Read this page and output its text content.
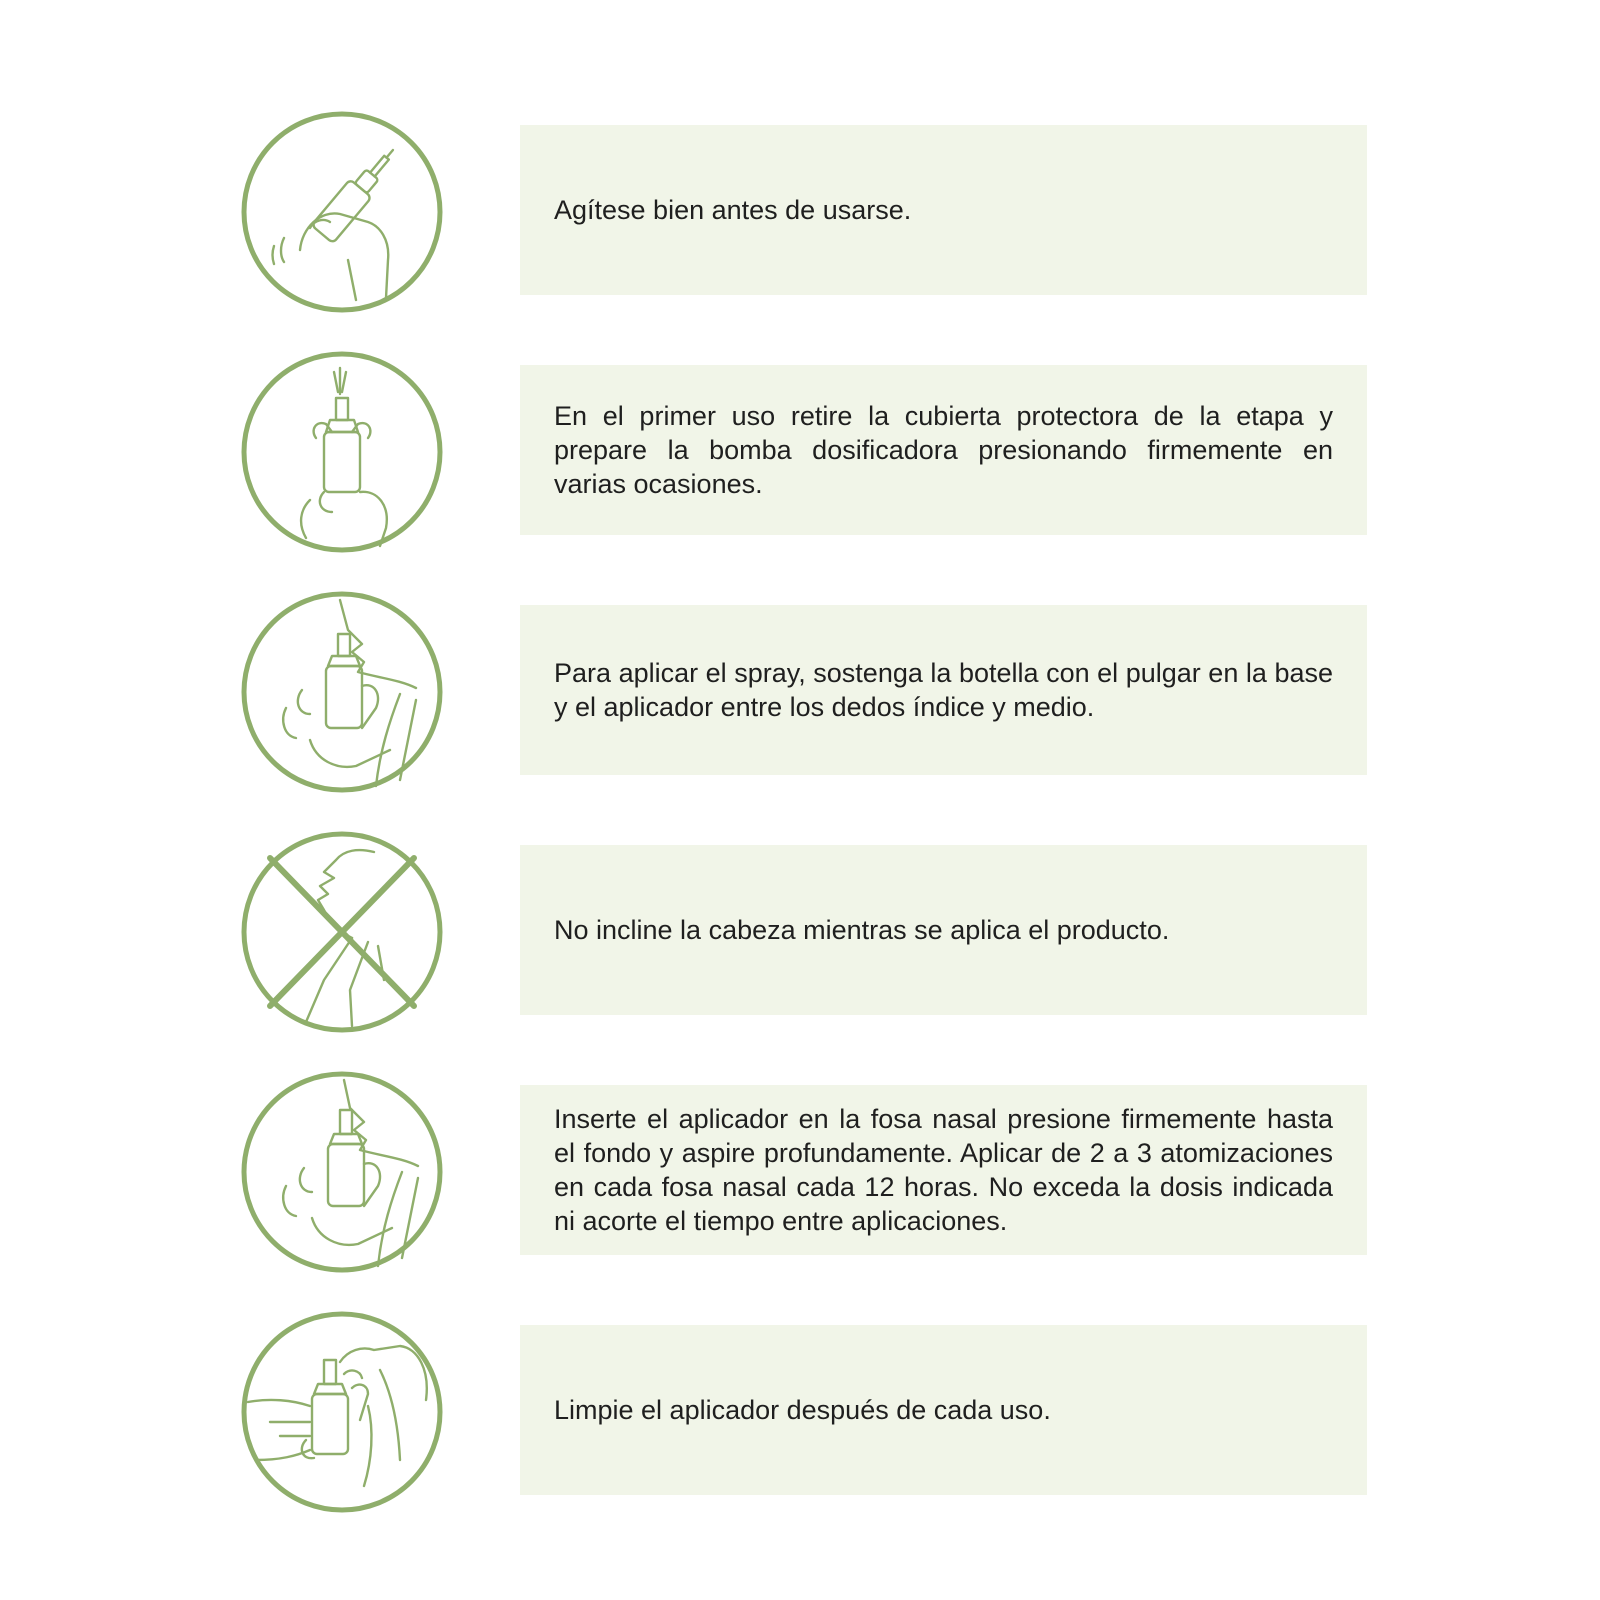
Agítese bien antes de usarse.

En el primer uso retire la cubierta protectora de la etapa y prepare la bomba dosificadora presionando firmemente en varias ocasiones.

Para aplicar el spray, sostenga la botella con el pulgar en la base y el aplicador entre los dedos índice y medio.

No incline la cabeza mientras se aplica el producto.

Inserte el aplicador en la fosa nasal presione firmemente hasta el fondo y aspire profundamente. Aplicar de 2 a 3 atomizaciones en cada fosa nasal cada 12 horas. No exceda la dosis indicada ni acorte el tiempo entre aplicaciones.

Limpie el aplicador después de cada uso.
